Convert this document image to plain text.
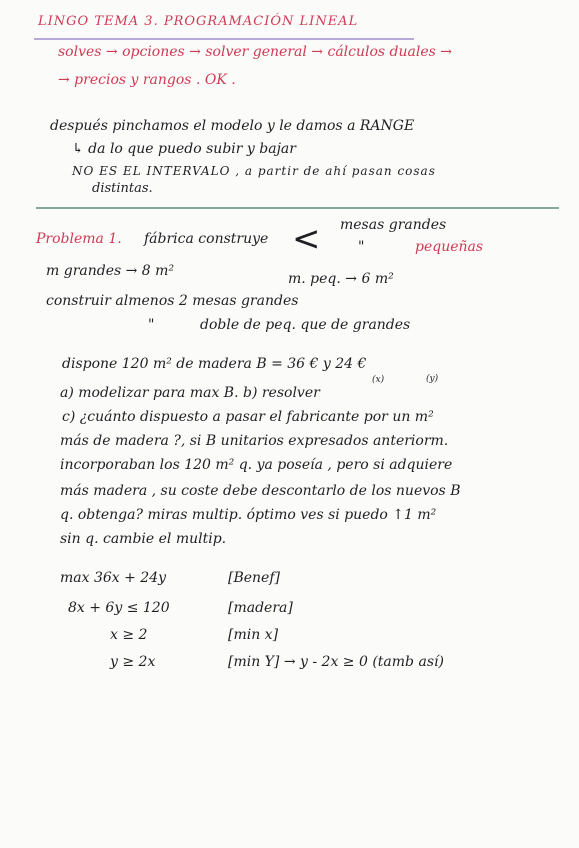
LINGO TEMA 3. PROGRAMACIÓN LINEAL
solves → opciones → solver general → cálculos duales →
→ precios y rangos . OK .
después pinchamos el modelo y le damos a RANGE
↳ da lo que puedo subir y bajar
NO ES EL INTERVALO , a partir de ahí pasan cosas
distintas.
Problema 1. fábrica construye < mesas grandes
"	pequeñas
m grandes → 8 m²	m. peq. → 6 m²
construir almenos 2 mesas grandes
"	doble de peq. que de grandes
dispone 120 m² de madera B = 36 € y 24 €
(x)	(y)
a) modelizar para max B. b) resolver
c) ¿cuánto dispuesto a pasar el fabricante por un m²
más de madera ?, si B unitarios expresados anteriorm.
incorporaban los 120 m² q. ya poseía , pero si adquiere
más madera , su coste debe descontarlo de los nuevos B
q. obtenga? miras multip. óptimo ves si puedo ↑1 m²
sin q. cambie el multip.
max 36x + 24y	[Benef]
8x + 6y ≤ 120	[madera]
x ≥ 2	[min x]
y ≥ 2x	[min Y] → y - 2x ≥ 0 (tamb así)
